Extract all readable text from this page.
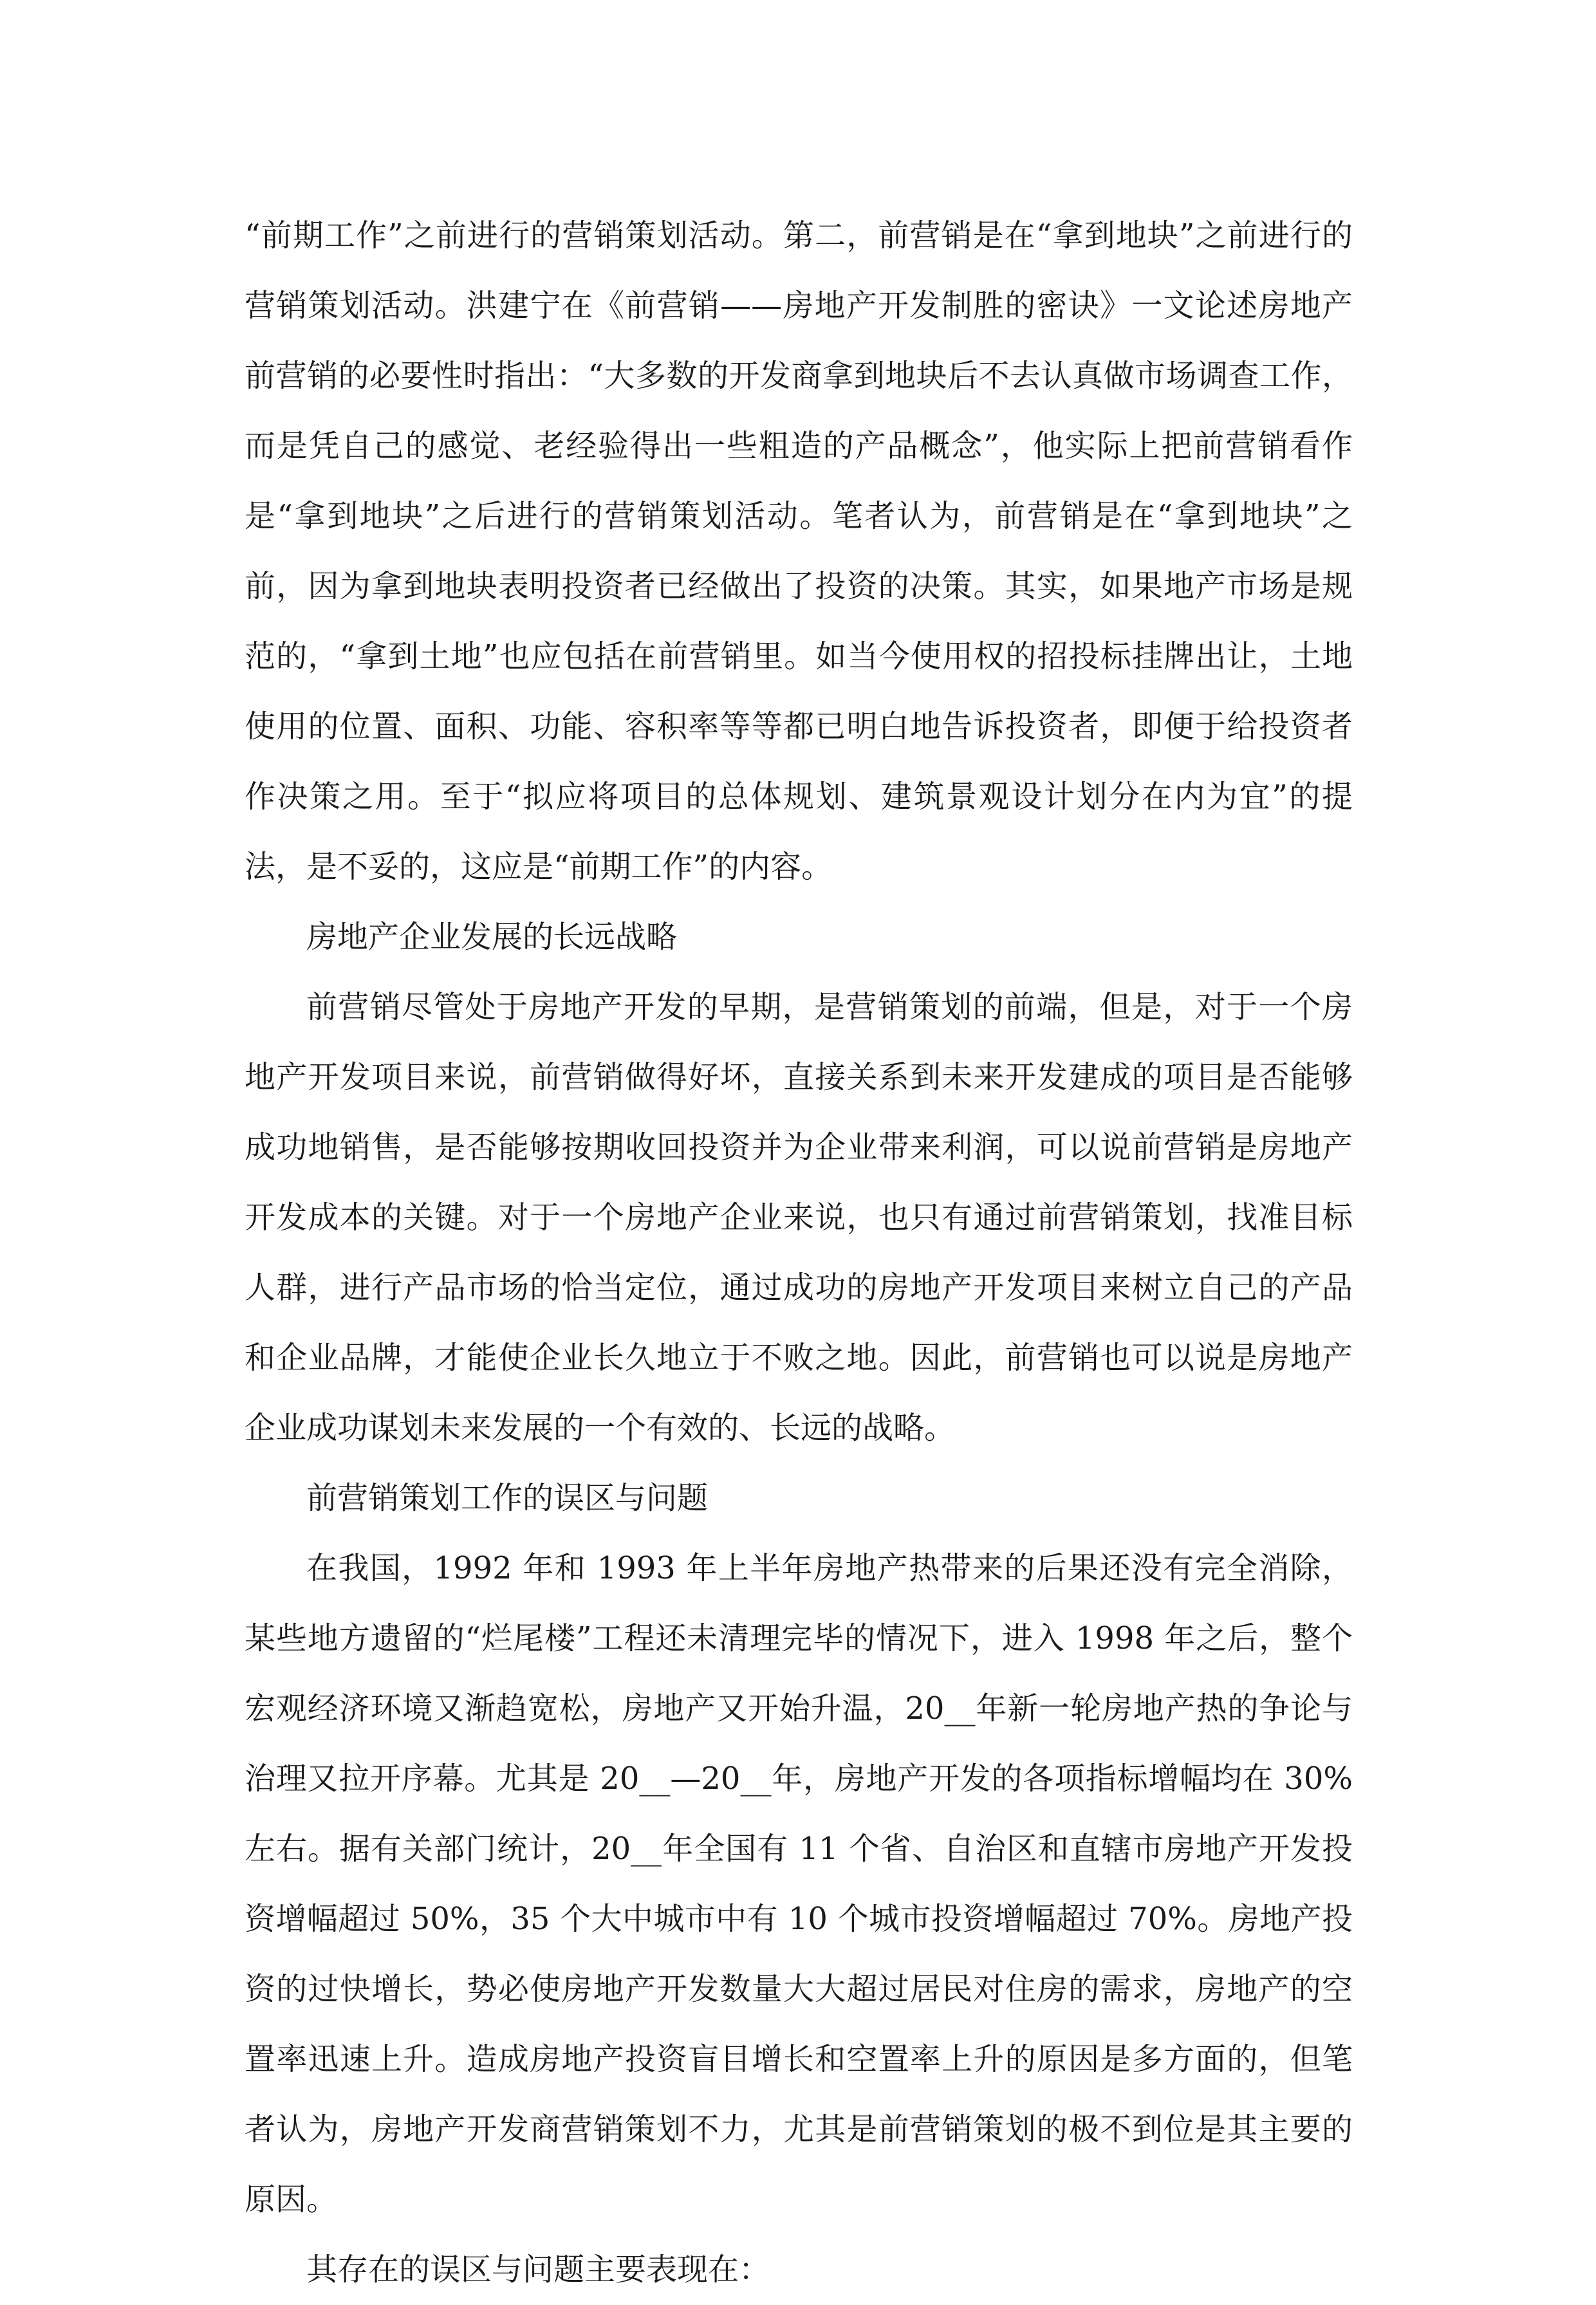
“前期工作”之前进行的营销策划活动。第二，前营销是在“拿到地块”之前进行的营销策划活动。洪建宁在《前营销——房地产开发制胜的密诀》一文论述房地产前营销的必要性时指出：“大多数的开发商拿到地块后不去认真做市场调查工作，而是凭自己的感觉、老经验得出一些粗造的产品概念”，他实际上把前营销看作是“拿到地块”之后进行的营销策划活动。笔者认为，前营销是在“拿到地块”之前，因为拿到地块表明投资者已经做出了投资的决策。其实，如果地产市场是规范的，“拿到土地”也应包括在前营销里。如当今使用权的招投标挂牌出让，土地使用的位置、面积、功能、容积率等等都已明白地告诉投资者，即便于给投资者作决策之用。至于“拟应将项目的总体规划、建筑景观设计划分在内为宜”的提法，是不妥的，这应是“前期工作”的内容。

房地产企业发展的长远战略

前营销尽管处于房地产开发的早期，是营销策划的前端，但是，对于一个房地产开发项目来说，前营销做得好坏，直接关系到未来开发建成的项目是否能够成功地销售，是否能够按期收回投资并为企业带来利润，可以说前营销是房地产开发成本的关键。对于一个房地产企业来说，也只有通过前营销策划，找准目标人群，进行产品市场的恰当定位，通过成功的房地产开发项目来树立自己的产品和企业品牌，才能使企业长久地立于不败之地。因此，前营销也可以说是房地产企业成功谋划未来发展的一个有效的、长远的战略。

前营销策划工作的误区与问题

在我国，1992 年和 1993 年上半年房地产热带来的后果还没有完全消除，某些地方遗留的“烂尾楼”工程还未清理完毕的情况下，进入 1998 年之后，整个宏观经济环境又渐趋宽松，房地产又开始升温，20__年新一轮房地产热的争论与治理又拉开序幕。尤其是 20__—20__年，房地产开发的各项指标增幅均在 30%左右。据有关部门统计，20__年全国有 11 个省、自治区和直辖市房地产开发投资增幅超过 50%，35 个大中城市中有 10 个城市投资增幅超过 70%。房地产投资的过快增长，势必使房地产开发数量大大超过居民对住房的需求，房地产的空置率迅速上升。造成房地产投资盲目增长和空置率上升的原因是多方面的，但笔者认为，房地产开发商营销策划不力，尤其是前营销策划的极不到位是其主要的原因。

其存在的误区与问题主要表现在：
